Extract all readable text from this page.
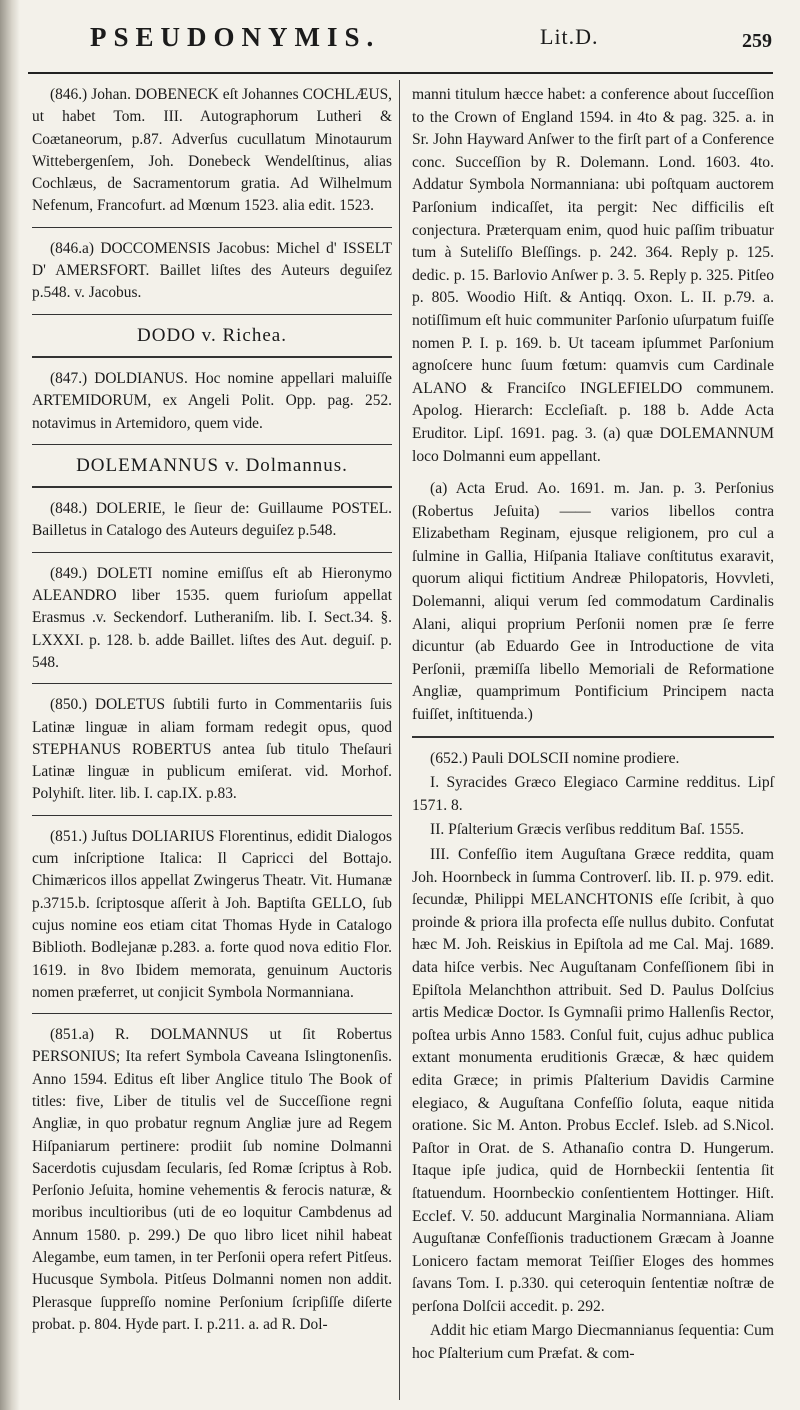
PSEUDONYMIS.	Lit.D.	259

(846.) Johan. DOBENECK eſt Johannes COCHLÆUS, ut habet Tom. III. Autographorum Lutheri & Coætaneorum, p.87. Adverſus cucullatum Minotaurum Wittebergenſem, Joh. Donebeck Wendelſtinus, alias Cochlæus, de Sacramentorum gratia. Ad Wilhelmum Nefenum, Francofurt. ad Mœnum 1523. alia edit. 1523.

(846.a) DOCCOMENSIS Jacobus: Michel d' ISSELT D' AMERSFORT. Baillet liſtes des Auteurs deguiſez p.548. v. Jacobus.

DODO v. Richea.

(847.) DOLDIANUS. Hoc nomine appellari maluiſſe ARTEMIDORUM, ex Angeli Polit. Opp. pag. 252. notavimus in Artemidoro, quem vide.

DOLEMANNUS v. Dolmannus.

(848.) DOLERIE, le ſieur de: Guillaume POSTEL. Bailletus in Catalogo des Auteurs deguiſez p.548.

(849.) DOLETI nomine emiſſus eſt ab Hieronymo ALEANDRO liber 1535. quem furioſum appellat Erasmus .v. Seckendorf. Lutheraniſm. lib. I. Sect.34. §. LXXXI. p. 128. b. adde Baillet. liſtes des Aut. deguiſ. p. 548.

(850.) DOLETUS ſubtili furto in Commentariis ſuis Latinæ linguæ in aliam formam redegit opus, quod STEPHANUS ROBERTUS antea ſub titulo Theſauri Latinæ linguæ in publicum emiſerat. vid. Morhof. Polyhiſt. liter. lib. I. cap.IX. p.83.

(851.) Juſtus DOLIARIUS Florentinus, edidit Dialogos cum inſcriptione Italica: Il Capricci del Bottajo. Chimæricos illos appellat Zwingerus Theatr. Vit. Humanæ p.3715.b. ſcriptosque aſſerit à Joh. Baptiſta GELLO, ſub cujus nomine eos etiam citat Thomas Hyde in Catalogo Biblioth. Bodlejanæ p.283. a. forte quod nova editio Flor. 1619. in 8vo Ibidem memorata, genuinum Auctoris nomen præferret, ut conjicit Symbola Normanniana.

(851.a) R. DOLMANNUS ut ſit Robertus PERSONIUS; Ita refert Symbola Caveana Islingtonenſis. Anno 1594. Editus eſt liber Anglice titulo The Book of titles: five, Liber de titulis vel de Succeſſione regni Angliæ, in quo probatur regnum Angliæ jure ad Regem Hiſpaniarum pertinere: prodiit ſub nomine Dolmanni Sacerdotis cujusdam ſecularis, ſed Romæ ſcriptus à Rob. Perſonio Jeſuita, homine vehementis & ferocis naturæ, & moribus incultioribus (uti de eo loquitur Cambdenus ad Annum 1580. p. 299.) De quo libro licet nihil habeat Alegambe, eum tamen, in ter Perſonii opera refert Pitſeus. Hucusque Symbola. Pitſeus Dolmanni nomen non addit. Plerasque ſuppreſſo nomine Perſonium ſcripſiſſe diſerte probat. p. 804. Hyde part. I. p.211. a. ad R. Dol-

manni titulum hæcce habet: a conference about ſucceſſion to the Crown of England 1594. in 4to & pag. 325. a. in Sr. John Hayward Anſwer to the firſt part of a Conference conc. Succeſſion by R. Dolemann. Lond. 1603. 4to. Addatur Symbola Normanniana: ubi poſtquam auctorem Parſonium indicaſſet, ita pergit: Nec difficilis eſt conjectura. Præterquam enim, quod huic paſſim tribuatur tum à Suteliſſo Bleſſings. p. 242. 364. Reply p. 125. dedic. p. 15. Barlovio Anſwer p. 3. 5. Reply p. 325. Pitſeo p. 805. Woodio Hiſt. & Antiqq. Oxon. L. II. p.79. a. notiſſimum eſt huic communiter Parſonio uſurpatum fuiſſe nomen P. I. p. 169. b. Ut taceam ipſummet Parſonium agnoſcere hunc ſuum fœtum: quamvis cum Cardinale ALANO & Franciſco INGLEFIELDO communem. Apolog. Hierarch: Eccleſiaſt. p. 188 b. Adde Acta Eruditor. Lipſ. 1691. pag. 3. (a) quæ DOLEMANNUM loco Dolmanni eum appellant.

(a) Acta Erud. Ao. 1691. m. Jan. p. 3. Perſonius (Robertus Jeſuita) —— varios libellos contra Elizabetham Reginam, ejusque religionem, pro cul a ſulmine in Gallia, Hiſpania Italiave conſtitutus exaravit, quorum aliqui fictitium Andreæ Philopatoris, Hovvleti, Dolemanni, aliqui verum ſed commodatum Cardinalis Alani, aliqui proprium Perſonii nomen præ ſe ferre dicuntur (ab Eduardo Gee in Introductione de vita Perſonii, præmiſſa libello Memoriali de Reformatione Angliæ, quamprimum Pontificium Principem nacta fuiſſet, inſtituenda.)

(652.) Pauli DOLSCII nomine prodiere.

I. Syracides Græco Elegiaco Carmine redditus. Lipſ 1571. 8.

II. Pſalterium Græcis verſibus redditum Baſ. 1555.

III. Confeſſio item Auguſtana Græce reddita, quam Joh. Hoornbeck in ſumma Controverſ. lib. II. p. 979. edit. ſecundæ, Philippi MELANCHTONIS eſſe ſcribit, à quo proinde & priora illa profecta eſſe nullus dubito. Confutat hæc M. Joh. Reiskius in Epiſtola ad me Cal. Maj. 1689. data hiſce verbis. Nec Auguſtanam Confeſſionem ſibi in Epiſtola Melanchthon attribuit. Sed D. Paulus Dolſcius artis Medicæ Doctor. Is Gymnaſii primo Hallenſis Rector, poſtea urbis Anno 1583. Conſul fuit, cujus adhuc publica extant monumenta eruditionis Græcæ, & hæc quidem edita Græce; in primis Pſalterium Davidis Carmine elegiaco, & Auguſtana Confeſſio ſoluta, eaque nitida oratione. Sic M. Anton. Probus Ecclef. Isleb. ad S.Nicol. Paſtor in Orat. de S. Athanaſio contra D. Hungerum. Itaque ipſe judica, quid de Hornbeckii ſententia ſit ſtatuendum. Hoornbeckio conſentientem Hottinger. Hiſt. Ecclef. V. 50. adducunt Marginalia Normanniana. Aliam Auguſtanæ Confeſſionis traductionem Græcam à Joanne Lonicero factam memorat Teiſſier Eloges des hommes ſavans Tom. I. p.330. qui ceteroquin ſententiæ noſtræ de perſona Dolſcii accedit. p. 292.

Addit hic etiam Margo Diecmannianus ſequentia: Cum hoc Pſalterium cum Præfat. & com-
